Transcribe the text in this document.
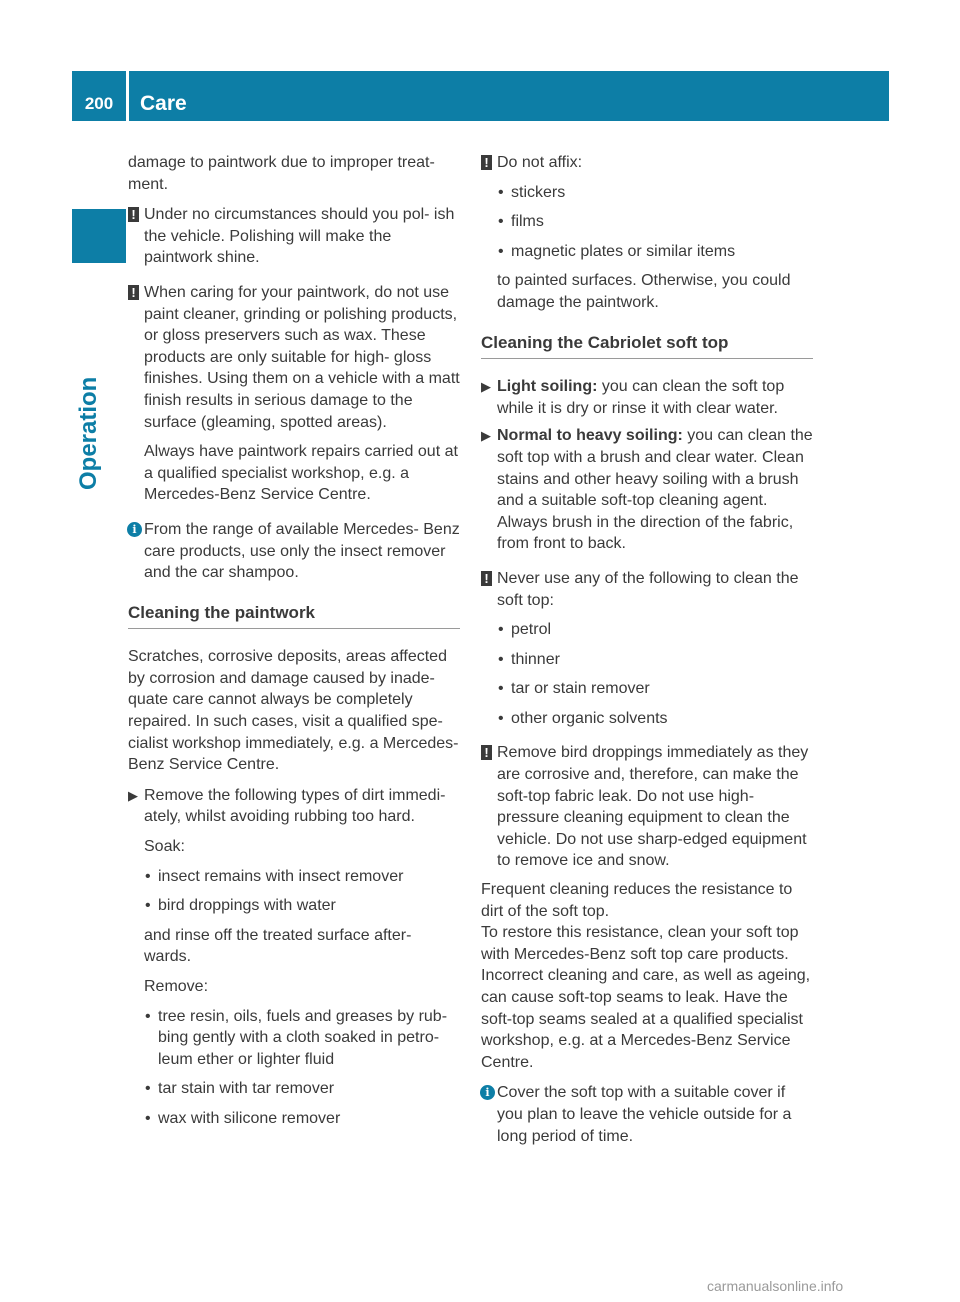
200	Care
Operation

damage to paintwork due to improper treat- ment.

! Under no circumstances should you pol- ish the vehicle. Polishing will make the paintwork shine.

! When caring for your paintwork, do not use paint cleaner, grinding or polishing products, or gloss preservers such as wax. These products are only suitable for high- gloss finishes. Using them on a vehicle with a matt finish results in serious damage to the surface (gleaming, spotted areas).

Always have paintwork repairs carried out at a qualified specialist workshop, e.g. a Mercedes-Benz Service Centre.

i From the range of available Mercedes- Benz care products, use only the insect remover and the car shampoo.

Cleaning the paintwork

Scratches, corrosive deposits, areas affected by corrosion and damage caused by inade- quate care cannot always be completely repaired. In such cases, visit a qualified spe- cialist workshop immediately, e.g. a Mercedes-Benz Service Centre.

▶ Remove the following types of dirt immedi- ately, whilst avoiding rubbing too hard.

Soak:

• insect remains with insect remover
• bird droppings with water

and rinse off the treated surface after- wards.

Remove:

• tree resin, oils, fuels and greases by rub- bing gently with a cloth soaked in petro- leum ether or lighter fluid
• tar stain with tar remover
• wax with silicone remover
! Do not affix:

• stickers
• films
• magnetic plates or similar items

to painted surfaces. Otherwise, you could damage the paintwork.

Cleaning the Cabriolet soft top
▶ Light soiling: you can clean the soft top while it is dry or rinse it with clear water.

▶ Normal to heavy soiling: you can clean the soft top with a brush and clear water. Clean stains and other heavy soiling with a brush and a suitable soft-top cleaning agent. Always brush in the direction of the fabric, from front to back.

! Never use any of the following to clean the soft top:

• petrol
• thinner
• tar or stain remover
• other organic solvents
! Remove bird droppings immediately as they are corrosive and, therefore, can make the soft-top fabric leak. Do not use high- pressure cleaning equipment to clean the vehicle. Do not use sharp-edged equipment to remove ice and snow.

Frequent cleaning reduces the resistance to dirt of the soft top.

To restore this resistance, clean your soft top with Mercedes-Benz soft top care products. Incorrect cleaning and care, as well as ageing, can cause soft-top seams to leak. Have the soft-top seams sealed at a qualified specialist workshop, e.g. at a Mercedes-Benz Service Centre.

i Cover the soft top with a suitable cover if you plan to leave the vehicle outside for a long period of time.

carmanualsonline.info
